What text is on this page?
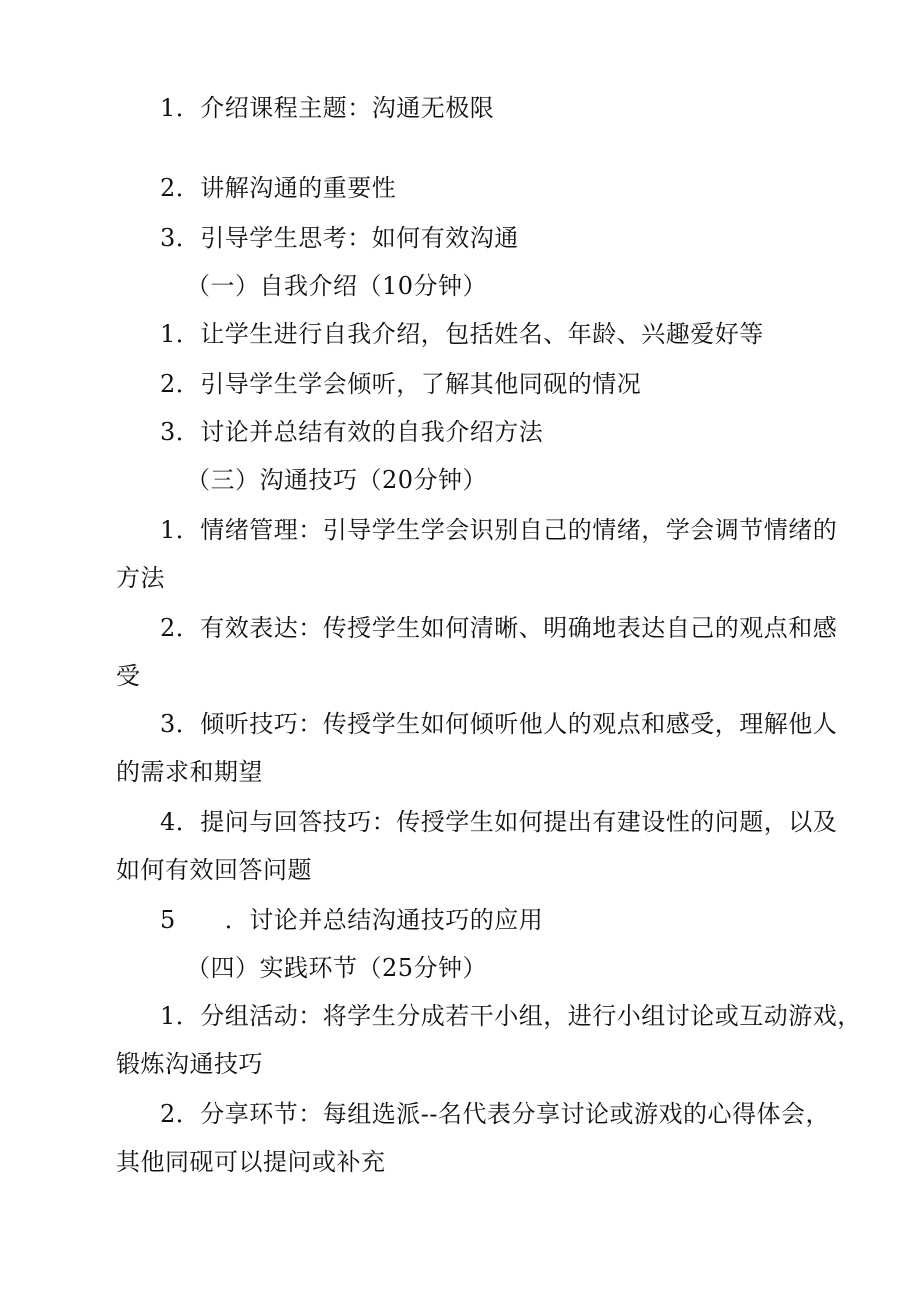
1．介绍课程主题：沟通无极限
2．讲解沟通的重要性
3．引导学生思考：如何有效沟通
（一）自我介绍（10分钟）
1．让学生进行自我介绍，包括姓名、年龄、兴趣爱好等
2．引导学生学会倾听，了解其他同砚的情况
3．讨论并总结有效的自我介绍方法
（三）沟通技巧（20分钟）
1．情绪管理：引导学生学会识别自己的情绪，学会调节情绪的
方法
2．有效表达：传授学生如何清晰、明确地表达自己的观点和感
受
3．倾听技巧：传授学生如何倾听他人的观点和感受，理解他人
的需求和期望
4．提问与回答技巧：传授学生如何提出有建设性的问题，以及
如何有效回答问题
5　　．讨论并总结沟通技巧的应用
（四）实践环节（25分钟）
1．分组活动：将学生分成若干小组，进行小组讨论或互动游戏，
锻炼沟通技巧
2．分享环节：每组选派--名代表分享讨论或游戏的心得体会，
其他同砚可以提问或补充
